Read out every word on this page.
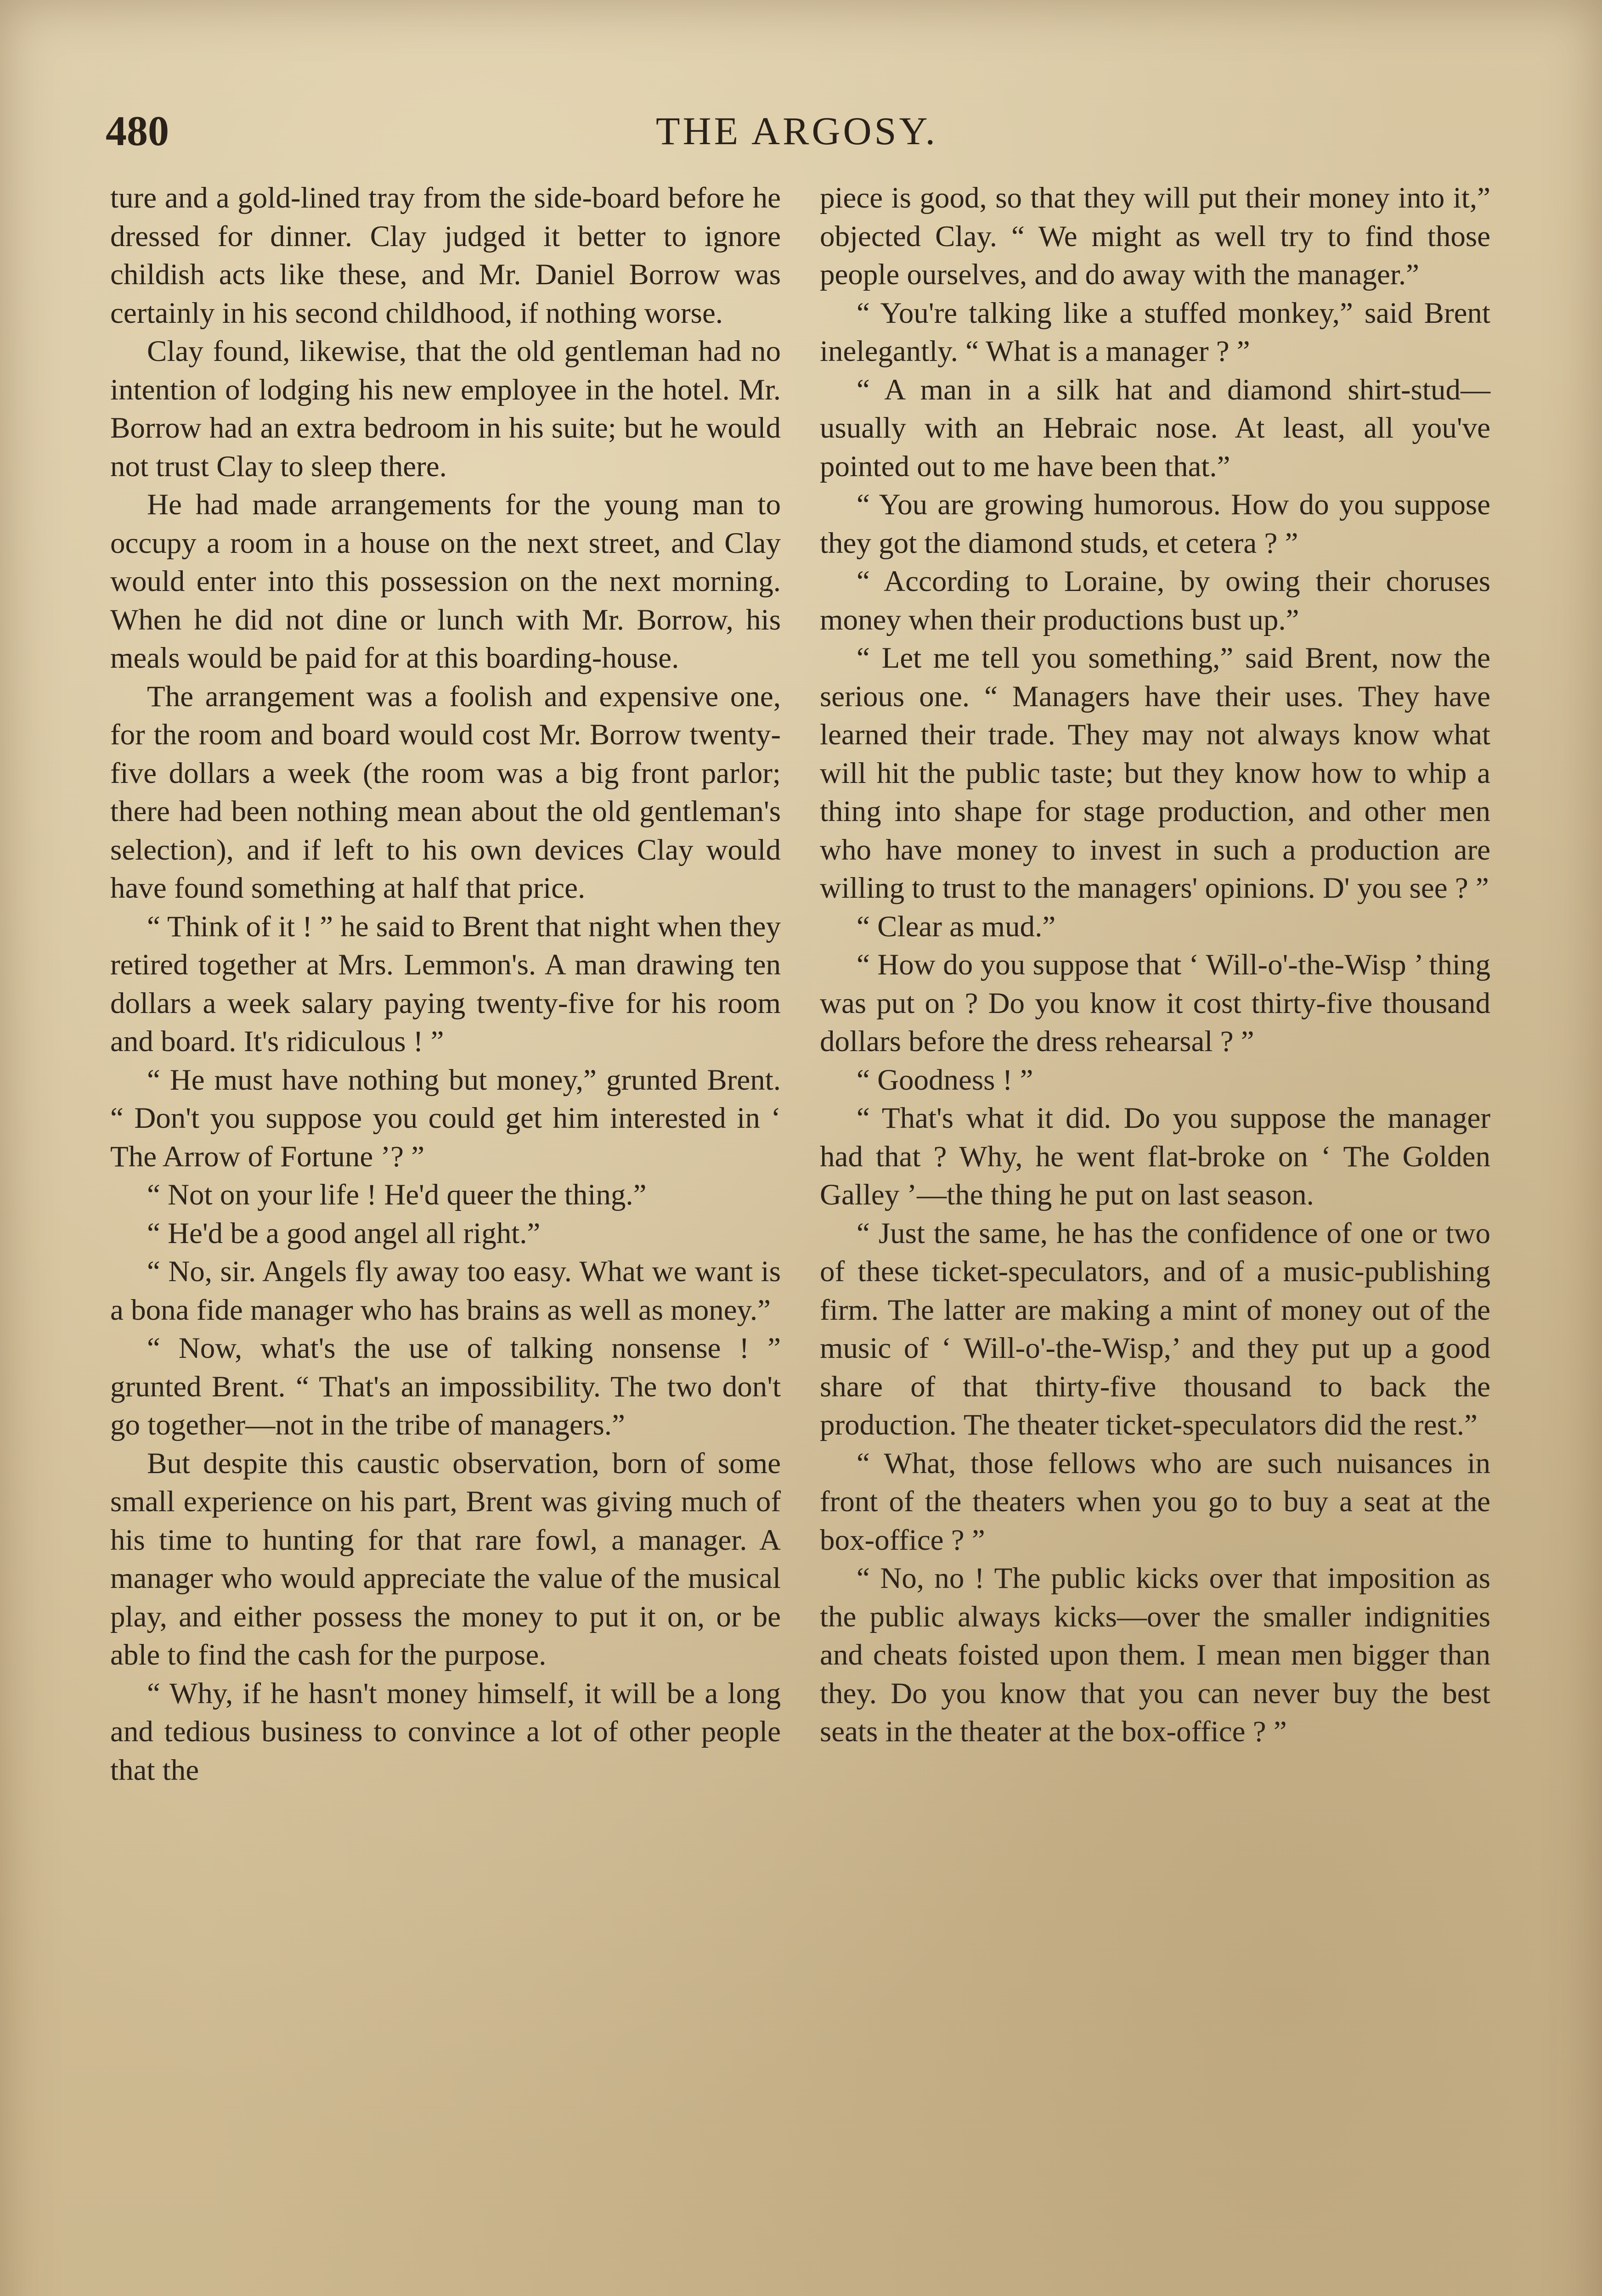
480	THE ARGOSY.

ture and a gold-lined tray from the side-board before he dressed for dinner. Clay judged it better to ignore childish acts like these, and Mr. Daniel Borrow was certainly in his second childhood, if nothing worse.

Clay found, likewise, that the old gentleman had no intention of lodging his new employee in the hotel. Mr. Borrow had an extra bedroom in his suite; but he would not trust Clay to sleep there.

He had made arrangements for the young man to occupy a room in a house on the next street, and Clay would enter into this possession on the next morning. When he did not dine or lunch with Mr. Borrow, his meals would be paid for at this boarding-house.

The arrangement was a foolish and expensive one, for the room and board would cost Mr. Borrow twenty-five dollars a week (the room was a big front parlor; there had been nothing mean about the old gentleman's selection), and if left to his own devices Clay would have found something at half that price.

“ Think of it ! ” he said to Brent that night when they retired together at Mrs. Lemmon's. A man drawing ten dollars a week salary paying twenty-five for his room and board. It's ridiculous ! ”

“ He must have nothing but money,” grunted Brent. “ Don't you suppose you could get him interested in ‘ The Arrow of Fortune ’? ”

“ Not on your life ! He'd queer the thing.”

“ He'd be a good angel all right.”

“ No, sir. Angels fly away too easy. What we want is a bona fide manager who has brains as well as money.”

“ Now, what's the use of talking nonsense ! ” grunted Brent. “ That's an impossibility. The two don't go together—not in the tribe of managers.”

But despite this caustic observation, born of some small experience on his part, Brent was giving much of his time to hunting for that rare fowl, a manager. A manager who would appreciate the value of the musical play, and either possess the money to put it on, or be able to find the cash for the purpose.

“ Why, if he hasn't money himself, it will be a long and tedious business to convince a lot of other people that the

piece is good, so that they will put their money into it,” objected Clay. “ We might as well try to find those people ourselves, and do away with the manager.”

“ You're talking like a stuffed monkey,” said Brent inelegantly. “ What is a manager ? ”

“ A man in a silk hat and diamond shirt-stud—usually with an Hebraic nose. At least, all you've pointed out to me have been that.”

“ You are growing humorous. How do you suppose they got the diamond studs, et cetera ? ”

“ According to Loraine, by owing their choruses money when their productions bust up.”

“ Let me tell you something,” said Brent, now the serious one. “ Managers have their uses. They have learned their trade. They may not always know what will hit the public taste; but they know how to whip a thing into shape for stage production, and other men who have money to invest in such a production are willing to trust to the managers' opinions. D' you see ? ”

“ Clear as mud.”

“ How do you suppose that ‘ Will-o'-the-Wisp ’ thing was put on ? Do you know it cost thirty-five thousand dollars before the dress rehearsal ? ”

“ Goodness ! ”

“ That's what it did. Do you suppose the manager had that ? Why, he went flat-broke on ‘ The Golden Galley ’—the thing he put on last season.

“ Just the same, he has the confidence of one or two of these ticket-speculators, and of a music-publishing firm. The latter are making a mint of money out of the music of ‘ Will-o'-the-Wisp,’ and they put up a good share of that thirty-five thousand to back the production. The theater ticket-speculators did the rest.”

“ What, those fellows who are such nuisances in front of the theaters when you go to buy a seat at the box-office ? ”

“ No, no ! The public kicks over that imposition as the public always kicks—over the smaller indignities and cheats foisted upon them. I mean men bigger than they. Do you know that you can never buy the best seats in the theater at the box-office ? ”
